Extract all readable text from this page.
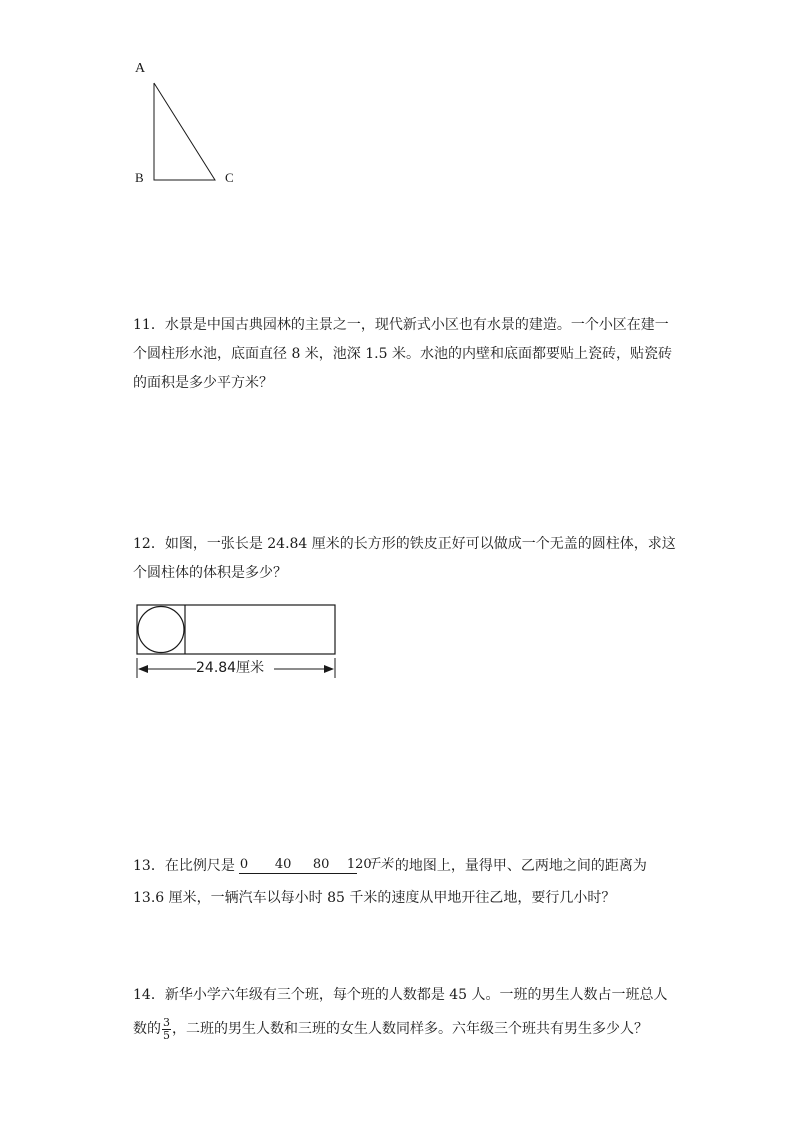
A
B	C

11．水景是中国古典园林的主景之一，现代新式小区也有水景的建造。一个小区在建一

个圆柱形水池，底面直径 8 米，池深 1.5 米。水池的内壁和底面都要贴上瓷砖，贴瓷砖

的面积是多少平方米？

12．如图，一张长是 24.84 厘米的长方形的铁皮正好可以做成一个无盖的圆柱体，求这

个圆柱体的体积是多少？

24.84厘米

13．在比例尺是 0 40 80 120
千米 的地图上，量得甲、乙两地之间的距离为

13.6 厘米，一辆汽车以每小时 85 千米的速度从甲地开往乙地，要行几小时？

14．新华小学六年级有三个班，每个班的人数都是 45 人。一班的男生人数占一班总人

数的 $\frac{3}{5}$ ，二班的男生人数和三班的女生人数同样多。六年级三个班共有男生多少人？
